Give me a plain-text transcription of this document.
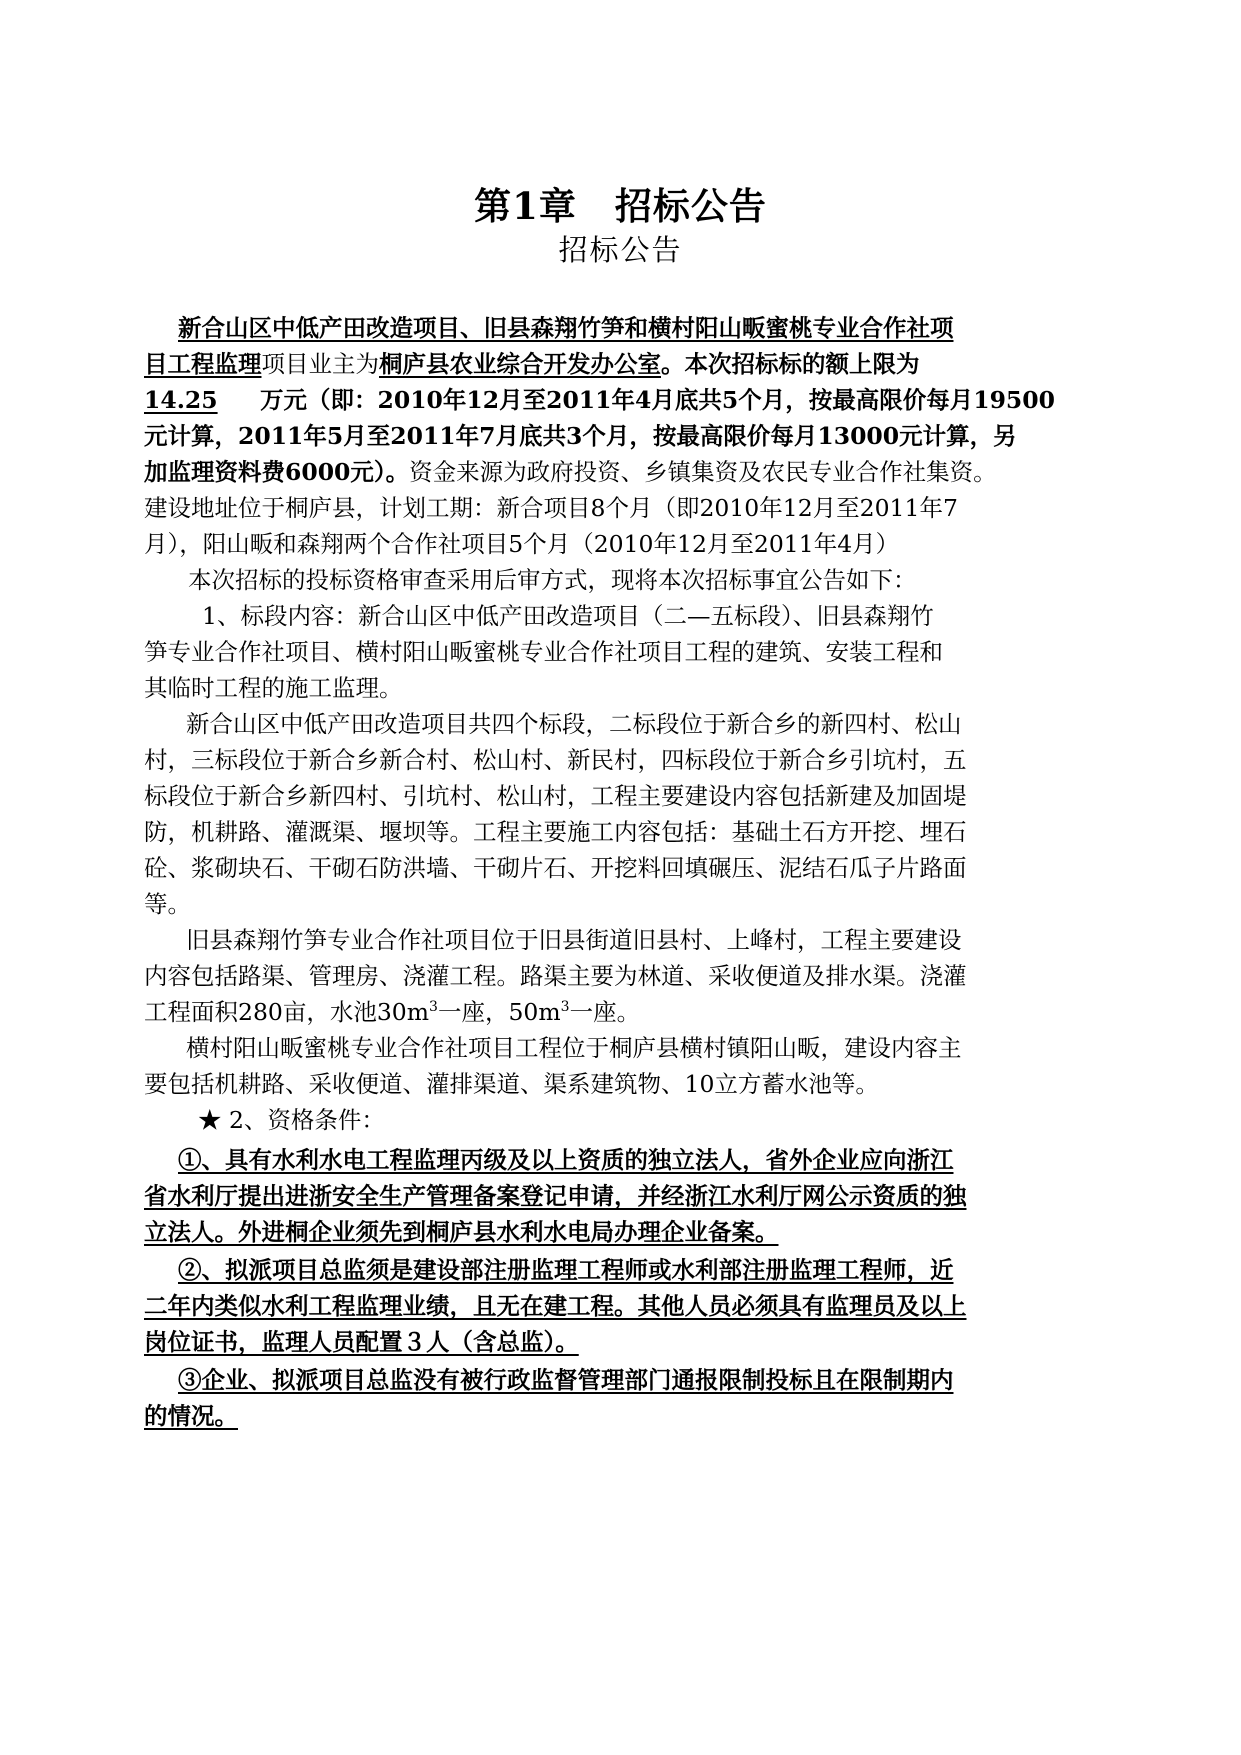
第1章　招标公告
招标公告
新合山区中低产田改造项目、旧县森翔竹笋和横村阳山畈蜜桃专业合作社项
目工程监理项目业主为桐庐县农业综合开发办公室。本次招标标的额上限为
14.25 万元（即：2010年12月至2011年4月底共5个月，按最高限价每月19500
元计算，2011年5月至2011年7月底共3个月，按最高限价每月13000元计算，另
加监理资料费6000元）。资金来源为政府投资、乡镇集资及农民专业合作社集资。
建设地址位于桐庐县，计划工期：新合项目8个月（即2010年12月至2011年7
月），阳山畈和森翔两个合作社项目5个月（2010年12月至2011年4月）
本次招标的投标资格审查采用后审方式，现将本次招标事宜公告如下：
1、标段内容：新合山区中低产田改造项目（二—五标段）、旧县森翔竹
笋专业合作社项目、横村阳山畈蜜桃专业合作社项目工程的建筑、安装工程和
其临时工程的施工监理。
新合山区中低产田改造项目共四个标段，二标段位于新合乡的新四村、松山
村，三标段位于新合乡新合村、松山村、新民村，四标段位于新合乡引坑村，五
标段位于新合乡新四村、引坑村、松山村，工程主要建设内容包括新建及加固堤
防，机耕路、灌溉渠、堰坝等。工程主要施工内容包括：基础土石方开挖、埋石
砼、浆砌块石、干砌石防洪墙、干砌片石、开挖料回填碾压、泥结石瓜子片路面
等。
旧县森翔竹笋专业合作社项目位于旧县街道旧县村、上峰村，工程主要建设
内容包括路渠、管理房、浇灌工程。路渠主要为林道、采收便道及排水渠。浇灌
工程面积280亩，水池$30m^3$一座，$50m^3$一座。
横村阳山畈蜜桃专业合作社项目工程位于桐庐县横村镇阳山畈，建设内容主
要包括机耕路、采收便道、灌排渠道、渠系建筑物、10立方蓄水池等。
★ 2、资格条件：
①、具有水利水电工程监理丙级及以上资质的独立法人，省外企业应向浙江
省水利厅提出进浙安全生产管理备案登记申请，并经浙江水利厅网公示资质的独
立法人。外进桐企业须先到桐庐县水利水电局办理企业备案。
②、拟派项目总监须是建设部注册监理工程师或水利部注册监理工程师，近
二年内类似水利工程监理业绩，且无在建工程。其他人员必须具有监理员及以上
岗位证书，监理人员配置３人（含总监）。
③企业、拟派项目总监没有被行政监督管理部门通报限制投标且在限制期内
的情况。
